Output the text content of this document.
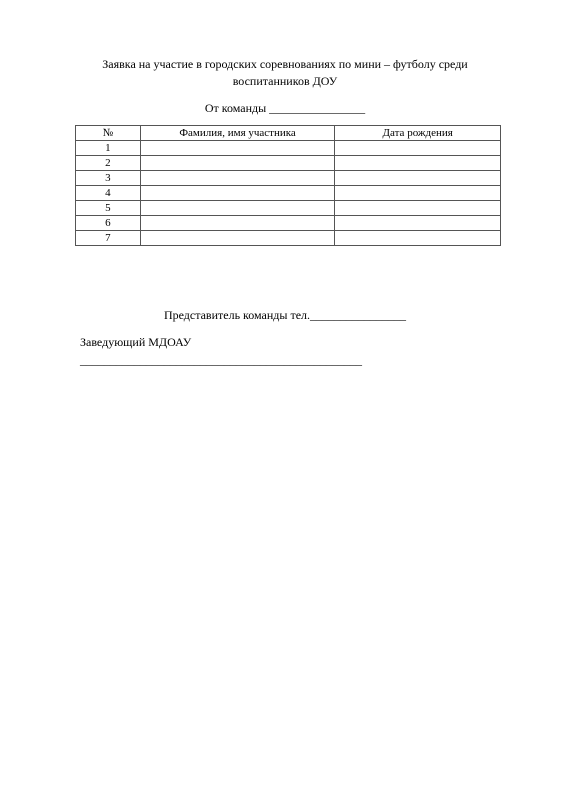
Заявка на участие в городских соревнованиях по мини – футболу среди
воспитанников ДОУ
От команды ________________
№	Фамилия, имя участника	Дата рождения
1		
2		
3		
4		
5		
6		
7		
Представитель команды тел.________________
Заведующий МДОАУ
_______________________________________________
